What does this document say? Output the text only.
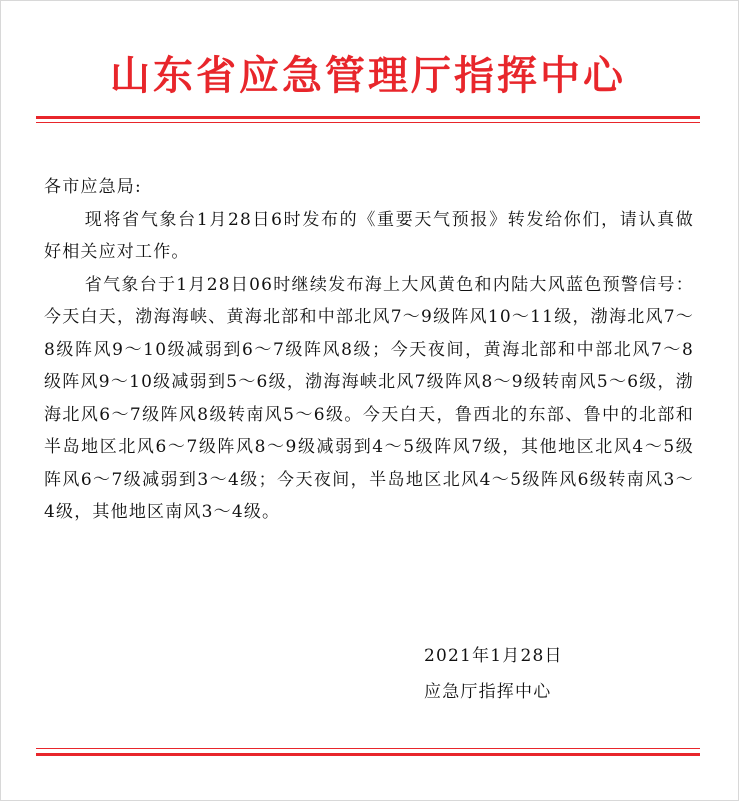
山东省应急管理厅指挥中心

各市应急局:

现将省气象台1月28日6时发布的《重要天气预报》转发给你们，请认真做好相关应对工作。

省气象台于1月28日06时继续发布海上大风黄色和内陆大风蓝色预警信号：今天白天，渤海海峡、黄海北部和中部北风7～9级阵风10～11级，渤海北风7～8级阵风9～10级减弱到6～7级阵风8级；今天夜间，黄海北部和中部北风7～8级阵风9～10级减弱到5～6级，渤海海峡北风7级阵风8～9级转南风5～6级，渤海北风6～7级阵风8级转南风5～6级。今天白天，鲁西北的东部、鲁中的北部和半岛地区北风6～7级阵风8～9级减弱到4～5级阵风7级，其他地区北风4～5级阵风6～7级减弱到3～4级；今天夜间，半岛地区北风4～5级阵风6级转南风3～4级，其他地区南风3～4级。

2021年1月28日
应急厅指挥中心
